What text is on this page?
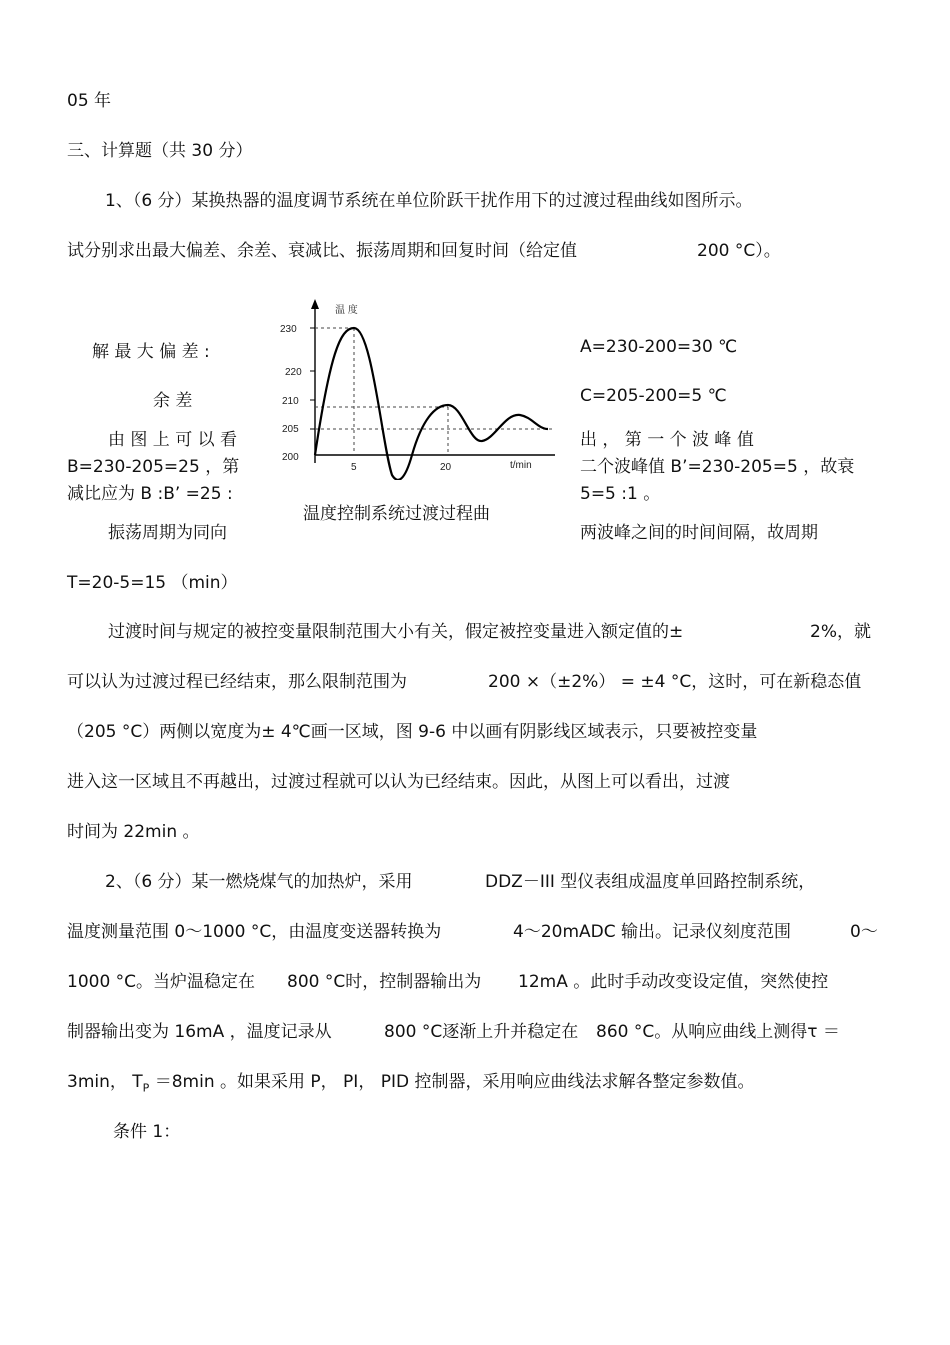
05 年
三、计算题（共 30 分）
1、（6 分）某换热器的温度调节系统在单位阶跃干扰作用下的过渡过程曲线如图所示。
试分别求出最大偏差、余差、衰减比、振荡周期和回复时间（给定值	200 °C）。
解 最 大 偏 差 :	A=230-200=30 ℃
余 差	C=205-200=5 ℃
由 图 上 可 以 看	出 ， 第 一 个 波 峰 值
B=230-205=25 ，第	二个波峰值 B’=230-205=5 ，故衰
减比应为 B :B’ =25 :	5=5 :1 。
温 度
230
220
210
205
200
5	20	t/min
温度控制系统过渡过程曲
振荡周期为同向	两波峰之间的时间间隔，故周期
T=20-5=15 （min）
过渡时间与规定的被控变量限制范围大小有关，假定被控变量进入额定值的±	2%，就
可以认为过渡过程已经结束，那么限制范围为	200 ×（±2%） = ±4 °C，这时，可在新稳态值
（205 °C）两侧以宽度为± 4℃画一区域，图 9-6 中以画有阴影线区域表示，只要被控变量
进入这一区域且不再越出，过渡过程就可以认为已经结束。因此，从图上可以看出，过渡
时间为 22min 。
2、（6 分）某一燃烧煤气的加热炉，采用	DDZ－III 型仪表组成温度单回路控制系统，
温度测量范围 0～1000 °C，由温度变送器转换为	4～20mADC 输出。记录仪刻度范围	0～
1000 °C。当炉温稳定在 800 °C时，控制器输出为 12mA 。此时手动改变设定值，突然使控
制器输出变为 16mA ，温度记录从	800 °C逐渐上升并稳定在 860 °C。从响应曲线上测得τ ＝
3min， $T_P =8\min$ 。如果采用 P， PI， PID 控制器，采用响应曲线法求解各整定参数值。
条件 1：
